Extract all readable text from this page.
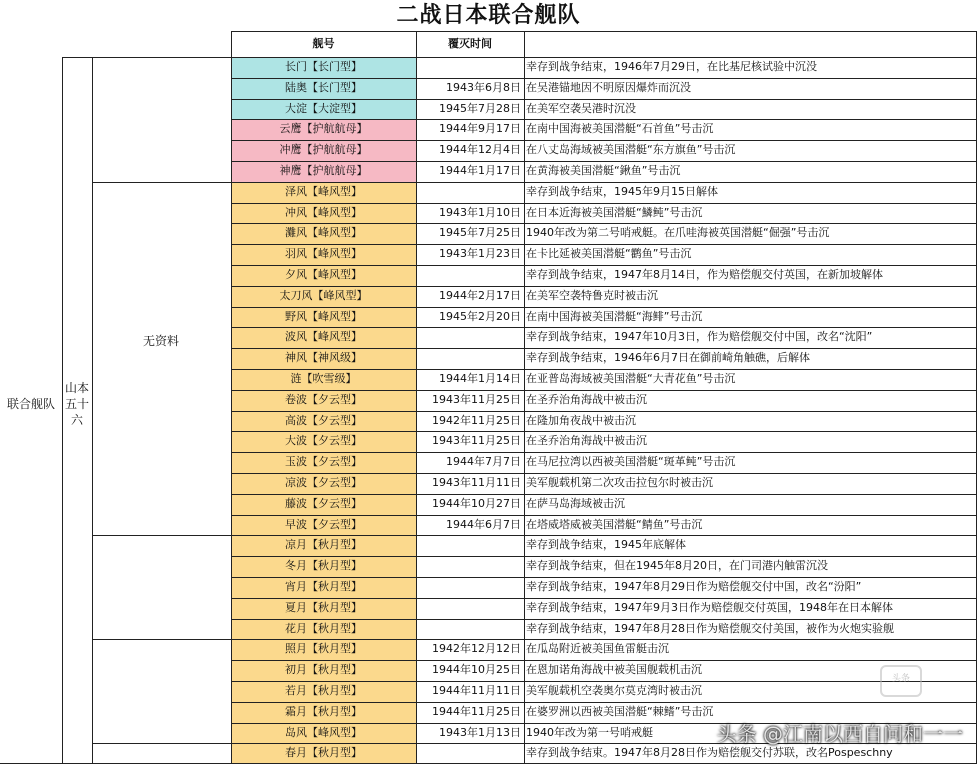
二战日本联合舰队
舰号	覆灭时间
联合舰队
山本
五十
六
无资料
长门【长门型】	幸存到战争结束，1946年7月29日，在比基尼核试验中沉没
陆奥【长门型】	1943年6月8日 在吴港锚地因不明原因爆炸而沉没
大淀【大淀型】	1945年7月28日 在美军空袭吴港时沉没
云鹰【护航航母】	1944年9月17日 在南中国海被美国潜艇“石首鱼”号击沉
冲鹰【护航航母】	1944年12月4日 在八丈岛海域被美国潜艇“东方旗鱼”号击沉
神鹰【护航航母】	1944年1月17日 在黄海被美国潜艇“鍬鱼”号击沉
泽风【峰风型】	幸存到战争结束，1945年9月15日解体
冲风【峰风型】	1943年1月10日 在日本近海被美国潜艇“鱗鲀”号击沉
灘风【峰风型】	1945年7月25日 1940年改为第二号哨戒艇。在爪哇海被英国潜艇“倔强”号击沉
羽风【峰风型】	1943年1月23日 在卡比延被美国潜艇“鹳鱼”号击沉
夕风【峰风型】	幸存到战争结束，1947年8月14日，作为赔偿舰交付英国，在新加坡解体
太刀风【峰风型】	1944年2月17日 在美军空袭特鲁克时被击沉
野风【峰风型】	1945年2月20日 在南中国海被美国潜艇“海鲱”号击沉
波风【峰风型】	幸存到战争结束，1947年10月3日，作为赔偿舰交付中国，改名“沈阳”
神风【神风级】	幸存到战争结束，1946年6月7日在御前崎角触礁，后解体
涟【吹雪级】	1944年1月14日 在亚普岛海域被美国潜艇“大青花鱼”号击沉
卷波【夕云型】	1943年11月25日 在圣乔治角海战中被击沉
高波【夕云型】	1942年11月25日 在隆加角夜战中被击沉
大波【夕云型】	1943年11月25日 在圣乔治角海战中被击沉
玉波【夕云型】	1944年7月7日 在马尼拉湾以西被美国潜艇“斑革鲀”号击沉
凉波【夕云型】	1943年11月11日 美军舰载机第二次攻击拉包尔时被击沉
藤波【夕云型】	1944年10月27日 在萨马岛海域被击沉
早波【夕云型】	1944年6月7日 在塔威塔威被美国潜艇“鲭鱼”号击沉
凉月【秋月型】	幸存到战争结束，1945年底解体
冬月【秋月型】	幸存到战争结束，但在1945年8月20日，在门司港内触雷沉没
宵月【秋月型】	幸存到战争结束，1947年8月29日作为赔偿舰交付中国，改名“汾阳”
夏月【秋月型】	幸存到战争结束，1947年9月3日作为赔偿舰交付英国，1948年在日本解体
花月【秋月型】	幸存到战争结束，1947年8月28日作为赔偿舰交付美国，被作为火炮实验舰
照月【秋月型】	1942年12月12日 在瓜岛附近被美国鱼雷艇击沉
初月【秋月型】	1944年10月25日 在恩加诺角海战中被美国舰载机击沉
若月【秋月型】	1944年11月11日 美军舰载机空袭奥尔莫克湾时被击沉
霜月【秋月型】	1944年11月25日 在婆罗洲以西被美国潜艇“棘鳍”号击沉
岛风【峰风型】	1943年1月13日 1940年改为第一号哨戒艇
春月【秋月型】	幸存到战争结束。1947年8月28日作为赔偿舰交付苏联，改名Pospeschny
头条
头条 @江南以西自问和一一
